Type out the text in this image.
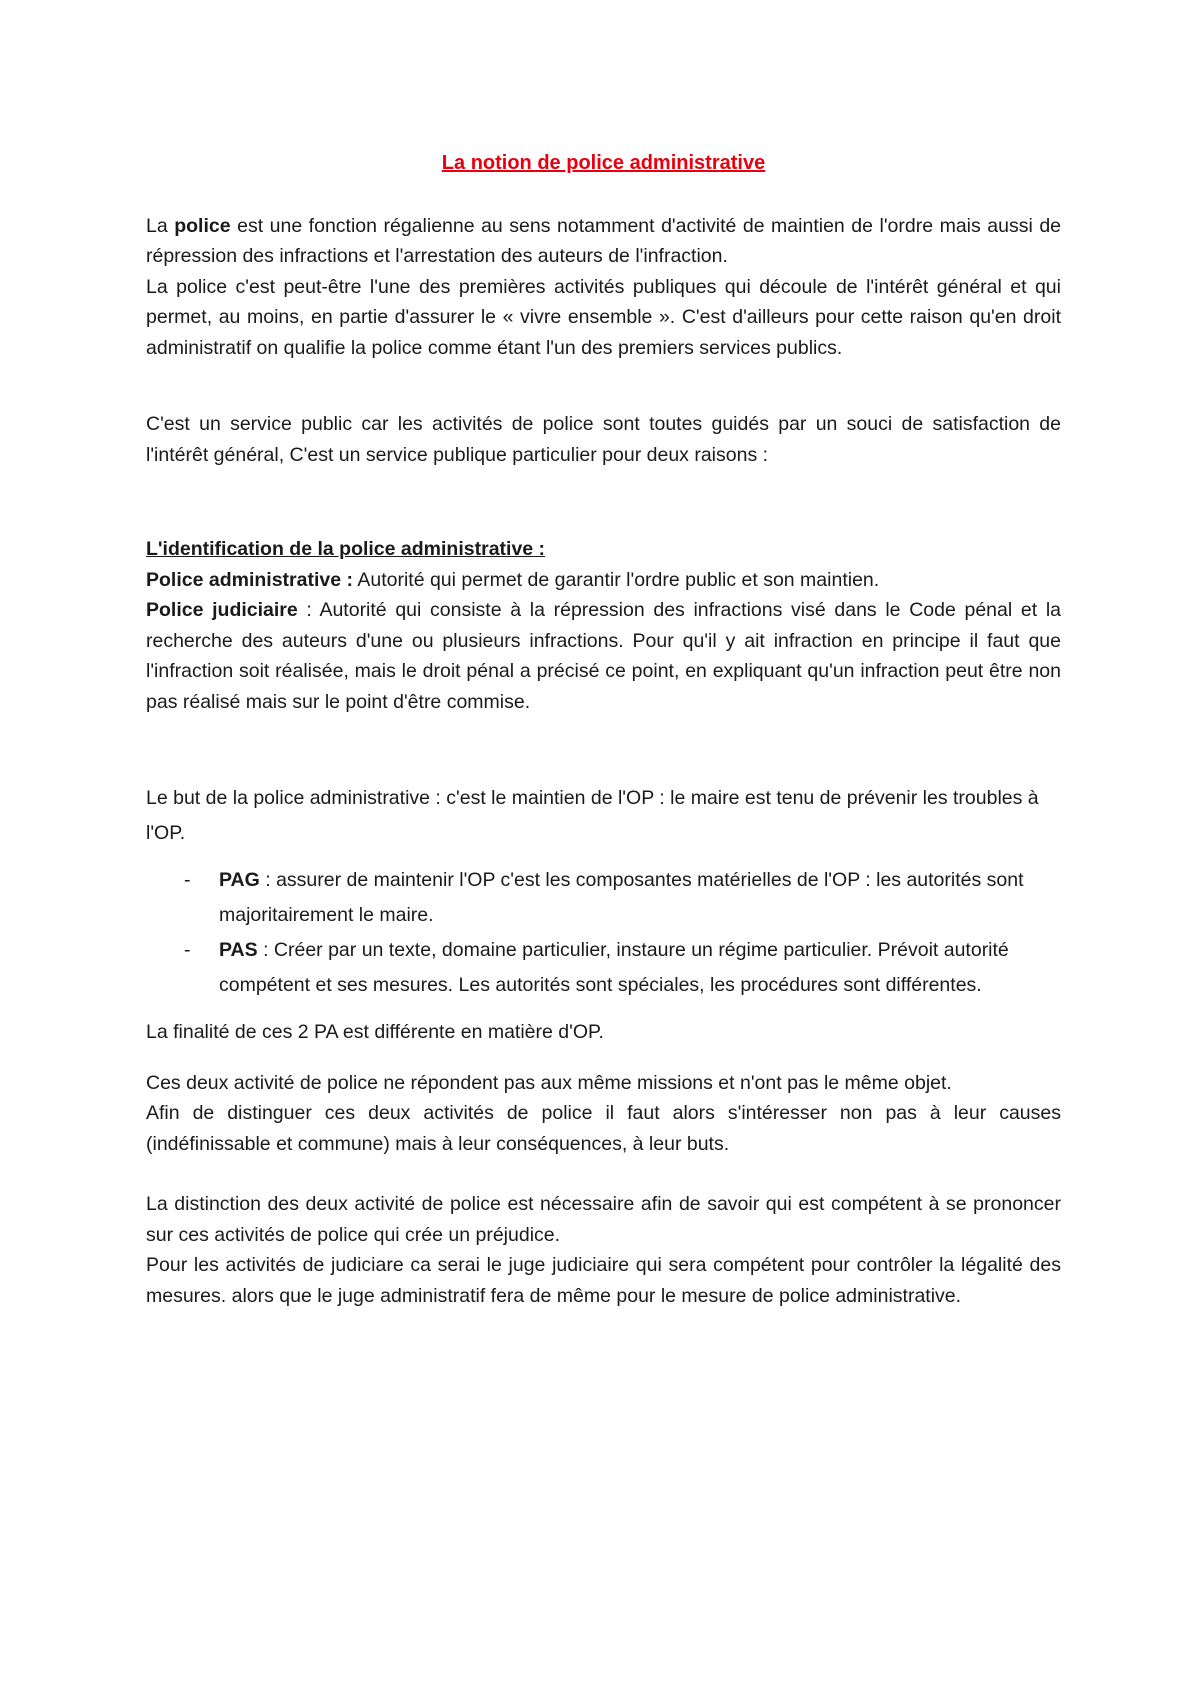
La notion de police administrative

La police est une fonction régalienne au sens notamment d'activité de maintien de l'ordre mais aussi de répression des infractions et l'arrestation des auteurs de l'infraction.

La police c'est peut-être l'une des premières activités publiques qui découle de l'intérêt général et qui permet, au moins, en partie d'assurer le « vivre ensemble ». C'est d'ailleurs pour cette raison qu'en droit administratif on qualifie la police comme étant l'un des premiers services publics.

C'est un service public car les activités de police sont toutes guidés par un souci de satisfaction de l'intérêt général, C'est un service publique particulier pour deux raisons :

L'identification de la police administrative :

Police administrative : Autorité qui permet de garantir l'ordre public et son maintien.

Police judiciaire : Autorité qui consiste à la répression des infractions visé dans le Code pénal et la recherche des auteurs d'une ou plusieurs infractions. Pour qu'il y ait infraction en principe il faut que l'infraction soit réalisée, mais le droit pénal a précisé ce point, en expliquant qu'un infraction peut être non pas réalisé mais sur le point d'être commise.

Le but de la police administrative : c'est le maintien de l'OP : le maire est tenu de prévenir les troubles à l'OP.

- PAG : assurer de maintenir l'OP c'est les composantes matérielles de l'OP : les autorités sont majoritairement le maire.
- PAS : Créer par un texte, domaine particulier, instaure un régime particulier. Prévoit autorité compétent et ses mesures. Les autorités sont spéciales, les procédures sont différentes.

La finalité de ces 2 PA est différente en matière d'OP.

Ces deux activité de police ne répondent pas aux même missions et n'ont pas le même objet.

Afin de distinguer ces deux activités de police il faut alors s'intéresser non pas à leur causes (indéfinissable et commune) mais à leur conséquences, à leur buts.

La distinction des deux activité de police est nécessaire afin de savoir qui est compétent à se prononcer sur ces activités de police qui crée un préjudice.

Pour les activités de judiciare ca serai le juge judiciaire qui sera compétent pour contrôler la légalité des mesures. alors que le juge administratif fera de même pour le mesure de police administrative.
